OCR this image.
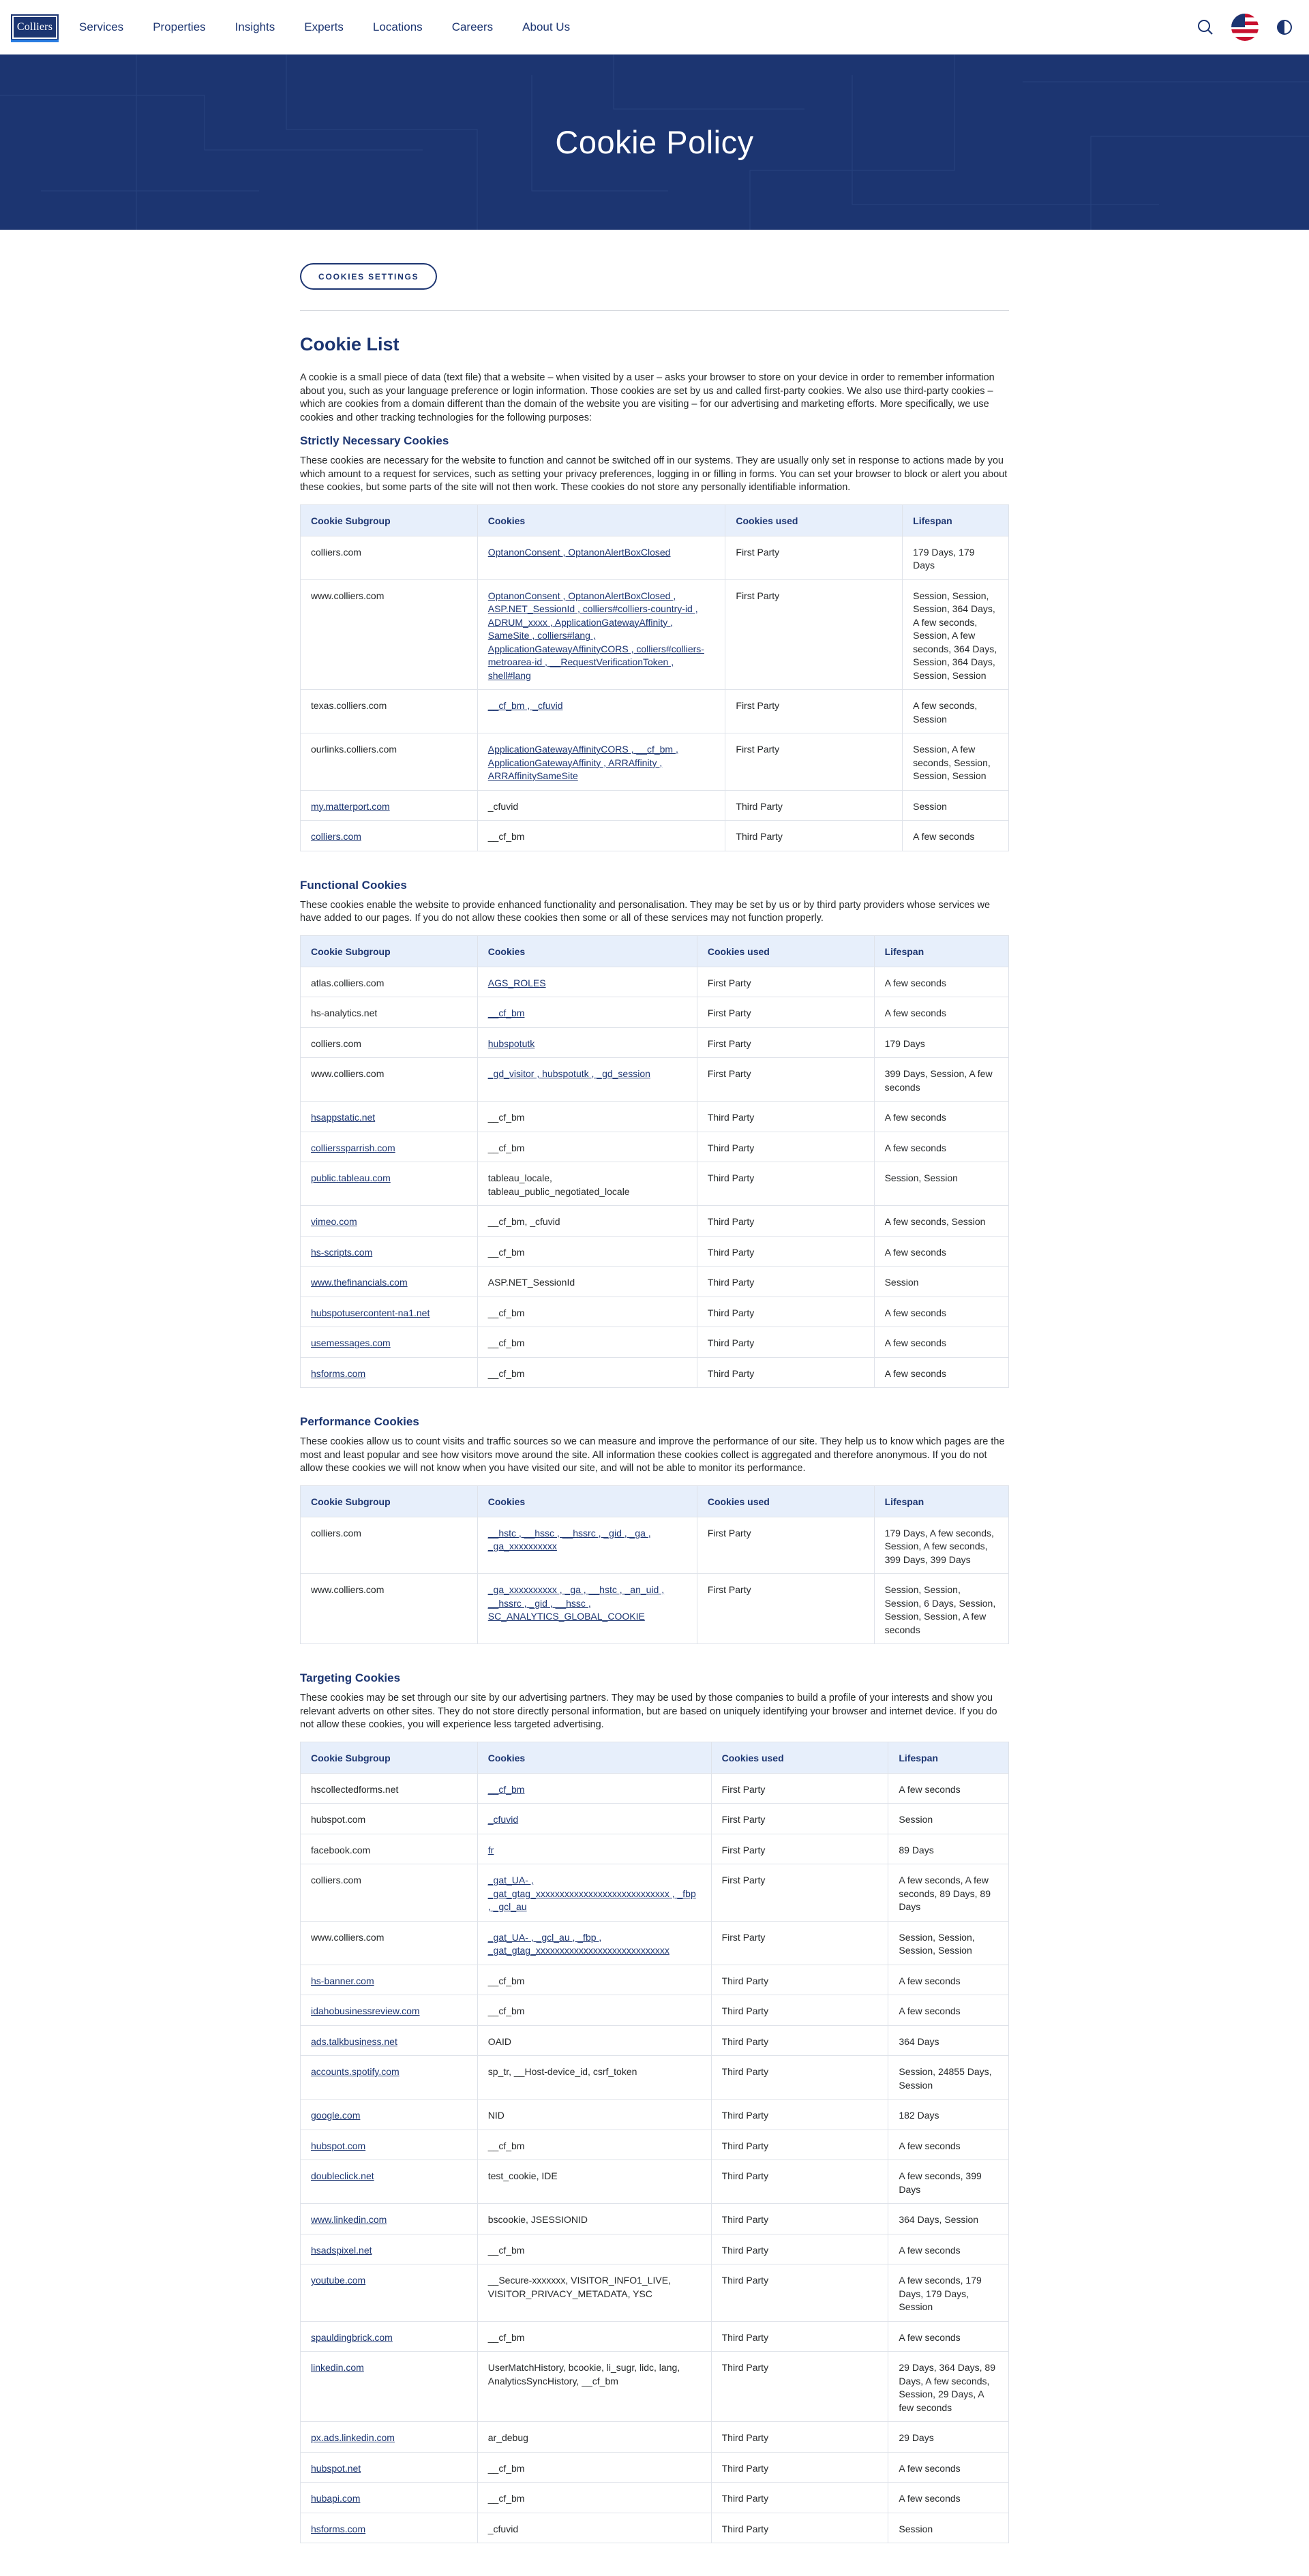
Colliers Services	Properties	Insights	Experts	Locations	Careers	About Us
Cookie Policy
COOKIES SETTINGS
Cookie List

A cookie is a small piece of data (text file) that a website – when visited by a user – asks your browser to store on your device in order to remember information about you, such as your language preference or login information. Those cookies are set by us and called first-party cookies. We also use third-party cookies – which are cookies from a domain different than the domain of the website you are visiting – for our advertising and marketing efforts. More specifically, we use cookies and other tracking technologies for the following purposes:

Strictly Necessary Cookies

These cookies are necessary for the website to function and cannot be switched off in our systems. They are usually only set in response to actions made by you which amount to a request for services, such as setting your privacy preferences, logging in or filling in forms. You can set your browser to block or alert you about these cookies, but some parts of the site will not then work. These cookies do not store any personally identifiable information.

Cookie Subgroup	Cookies	Cookies used	Lifespan
colliers.com	OptanonConsent , OptanonAlertBoxClosed	First Party	179 Days, 179 Days
www.colliers.com	OptanonConsent , OptanonAlertBoxClosed , ASP.NET_SessionId , colliers#colliers-country-id , ADRUM_xxxx , ApplicationGatewayAffinity , SameSite , colliers#lang , ApplicationGatewayAffinityCORS , colliers#colliers-metroarea-id , __RequestVerificationToken , shell#lang	First Party	Session, Session, Session, 364 Days, A few seconds, Session, A few seconds, 364 Days, Session, 364 Days, Session, Session
texas.colliers.com	__cf_bm , _cfuvid	First Party	A few seconds, Session
ourlinks.colliers.com	ApplicationGatewayAffinityCORS , __cf_bm , ApplicationGatewayAffinity , ARRAffinity , ARRAffinitySameSite	First Party	Session, A few seconds, Session, Session, Session
my.matterport.com	_cfuvid	Third Party	Session
colliers.com	__cf_bm	Third Party	A few seconds
Functional Cookies

These cookies enable the website to provide enhanced functionality and personalisation. They may be set by us or by third party providers whose services we have added to our pages. If you do not allow these cookies then some or all of these services may not function properly.

Cookie Subgroup	Cookies	Cookies used	Lifespan
atlas.colliers.com	AGS_ROLES	First Party	A few seconds
hs-analytics.net	__cf_bm	First Party	A few seconds
colliers.com	hubspotutk	First Party	179 Days
www.colliers.com	_gd_visitor , hubspotutk , _gd_session	First Party	399 Days, Session, A few seconds
hsappstatic.net	__cf_bm	Third Party	A few seconds
collierssparrish.com	__cf_bm	Third Party	A few seconds
public.tableau.com	tableau_locale, tableau_public_negotiated_locale	Third Party	Session, Session
vimeo.com	__cf_bm, _cfuvid	Third Party	A few seconds, Session
hs-scripts.com	__cf_bm	Third Party	A few seconds
www.thefinancials.com	ASP.NET_SessionId	Third Party	Session
hubspotusercontent-na1.net	__cf_bm	Third Party	A few seconds
usemessages.com	__cf_bm	Third Party	A few seconds
hsforms.com	__cf_bm	Third Party	A few seconds
Performance Cookies

These cookies allow us to count visits and traffic sources so we can measure and improve the performance of our site. They help us to know which pages are the most and least popular and see how visitors move around the site. All information these cookies collect is aggregated and therefore anonymous. If you do not allow these cookies we will not know when you have visited our site, and will not be able to monitor its performance.

Cookie Subgroup	Cookies	Cookies used	Lifespan
colliers.com	__hstc , __hssc , __hssrc , _gid , _ga , _ga_xxxxxxxxxx	First Party	179 Days, A few seconds, Session, A few seconds, 399 Days, 399 Days
www.colliers.com	_ga_xxxxxxxxxx , _ga , __hstc , _an_uid , __hssrc , _gid , __hssc , SC_ANALYTICS_GLOBAL_COOKIE	First Party	Session, Session, Session, 6 Days, Session, Session, Session, A few seconds
Targeting Cookies

These cookies may be set through our site by our advertising partners. They may be used by those companies to build a profile of your interests and show you relevant adverts on other sites. They do not store directly personal information, but are based on uniquely identifying your browser and internet device. If you do not allow these cookies, you will experience less targeted advertising.

Cookie Subgroup	Cookies	Cookies used	Lifespan
hscollectedforms.net	__cf_bm	First Party	A few seconds
hubspot.com	_cfuvid	First Party	Session
facebook.com	fr	First Party	89 Days
colliers.com	_gat_UA- , _gat_gtag_xxxxxxxxxxxxxxxxxxxxxxxxxxxx , _fbp , _gcl_au	First Party	A few seconds, A few seconds, 89 Days, 89 Days
www.colliers.com	_gat_UA- , _gcl_au , _fbp , _gat_gtag_xxxxxxxxxxxxxxxxxxxxxxxxxxxx	First Party	Session, Session, Session, Session
hs-banner.com	__cf_bm	Third Party	A few seconds
idahobusinessreview.com	__cf_bm	Third Party	A few seconds
ads.talkbusiness.net	OAID	Third Party	364 Days
accounts.spotify.com	sp_tr, __Host-device_id, csrf_token	Third Party	Session, 24855 Days, Session
google.com	NID	Third Party	182 Days
hubspot.com	__cf_bm	Third Party	A few seconds
doubleclick.net	test_cookie, IDE	Third Party	A few seconds, 399 Days
www.linkedin.com	bscookie, JSESSIONID	Third Party	364 Days, Session
hsadspixel.net	__cf_bm	Third Party	A few seconds
youtube.com	__Secure-xxxxxxx, VISITOR_INFO1_LIVE, VISITOR_PRIVACY_METADATA, YSC	Third Party	A few seconds, 179 Days, 179 Days, Session
spauldingbrick.com	__cf_bm	Third Party	A few seconds
linkedin.com	UserMatchHistory, bcookie, li_sugr, lidc, lang, AnalyticsSyncHistory, __cf_bm	Third Party	29 Days, 364 Days, 89 Days, A few seconds, Session, 29 Days, A few seconds
px.ads.linkedin.com	ar_debug	Third Party	29 Days
hubspot.net	__cf_bm	Third Party	A few seconds
hubapi.com	__cf_bm	Third Party	A few seconds
hsforms.com	_cfuvid	Third Party	Session
